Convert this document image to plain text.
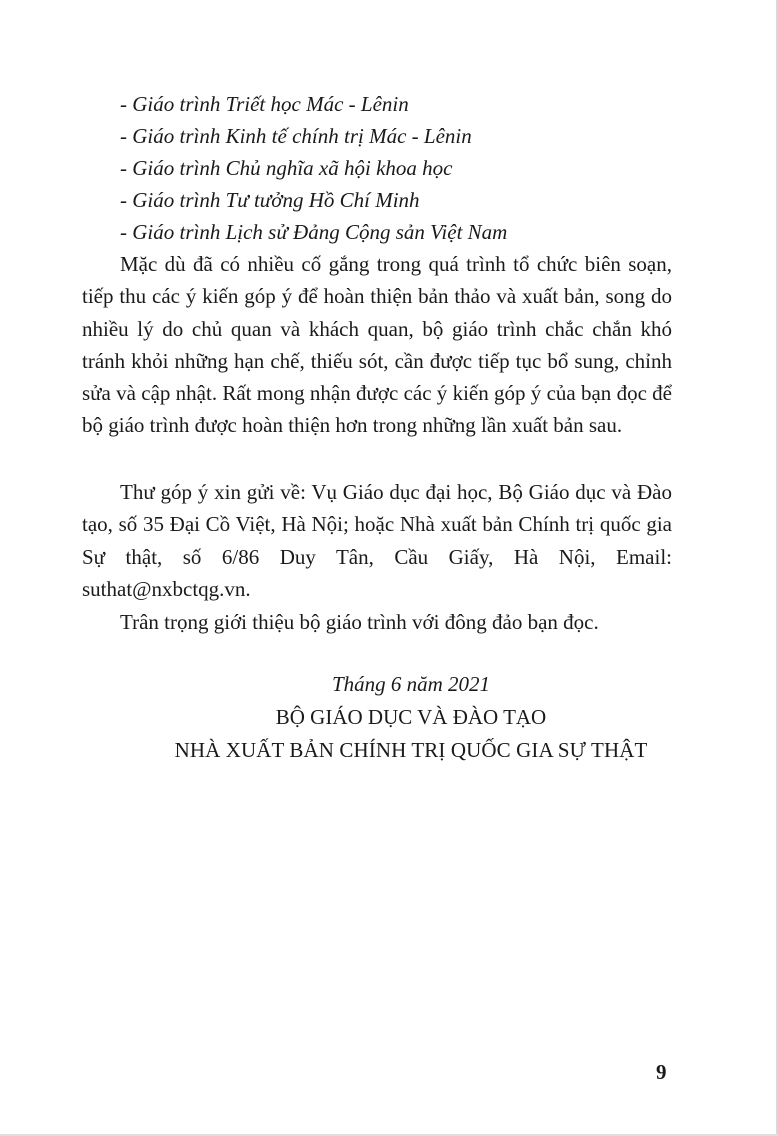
- Giáo trình Triết học Mác - Lênin
- Giáo trình Kinh tế chính trị Mác - Lênin
- Giáo trình Chủ nghĩa xã hội khoa học
- Giáo trình Tư tưởng Hồ Chí Minh
- Giáo trình Lịch sử Đảng Cộng sản Việt Nam

Mặc dù đã có nhiều cố gắng trong quá trình tổ chức biên soạn, tiếp thu các ý kiến góp ý để hoàn thiện bản thảo và xuất bản, song do nhiều lý do chủ quan và khách quan, bộ giáo trình chắc chắn khó tránh khỏi những hạn chế, thiếu sót, cần được tiếp tục bổ sung, chỉnh sửa và cập nhật. Rất mong nhận được các ý kiến góp ý của bạn đọc để bộ giáo trình được hoàn thiện hơn trong những lần xuất bản sau.

Thư góp ý xin gửi về: Vụ Giáo dục đại học, Bộ Giáo dục và Đào tạo, số 35 Đại Cồ Việt, Hà Nội; hoặc Nhà xuất bản Chính trị quốc gia Sự thật, số 6/86 Duy Tân, Cầu Giấy, Hà Nội, Email: suthat@nxbctqg.vn.

Trân trọng giới thiệu bộ giáo trình với đông đảo bạn đọc.

Tháng 6 năm 2021

BỘ GIÁO DỤC VÀ ĐÀO TẠO

NHÀ XUẤT BẢN CHÍNH TRỊ QUỐC GIA SỰ THẬT

9
